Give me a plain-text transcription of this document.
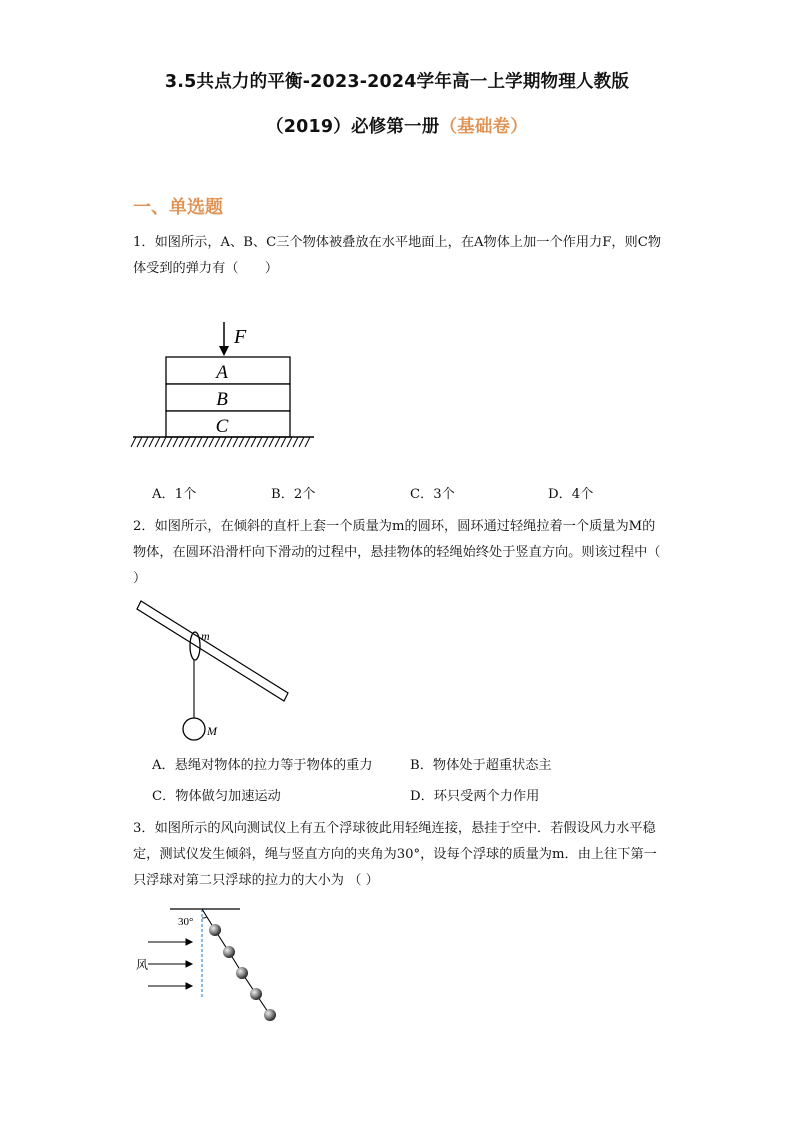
3.5共点力的平衡-2023-2024学年高一上学期物理人教版
（2019）必修第一册（基础卷）
一、单选题
1．如图所示，A、B、C三个物体被叠放在水平地面上，在A物体上加一个作用力F，则C物体受到的弹力有（　　）
F
A
B
C
A．1个	B．2个	C．3个	D．4个
2．如图所示，在倾斜的直杆上套一个质量为m的圆环，圆环通过轻绳拉着一个质量为M的物体，在圆环沿滑杆向下滑动的过程中，悬挂物体的轻绳始终处于竖直方向。则该过程中（ ）
m
M
A．悬绳对物体的拉力等于物体的重力	B．物体处于超重状态主
C．物体做匀加速运动	D．环只受两个力作用
3．如图所示的风向测试仪上有五个浮球彼此用轻绳连接，悬挂于空中．若假设风力水平稳定，测试仪发生倾斜，绳与竖直方向的夹角为30°，设每个浮球的质量为m．由上往下第一只浮球对第二只浮球的拉力的大小为 （ ）
30°
风
